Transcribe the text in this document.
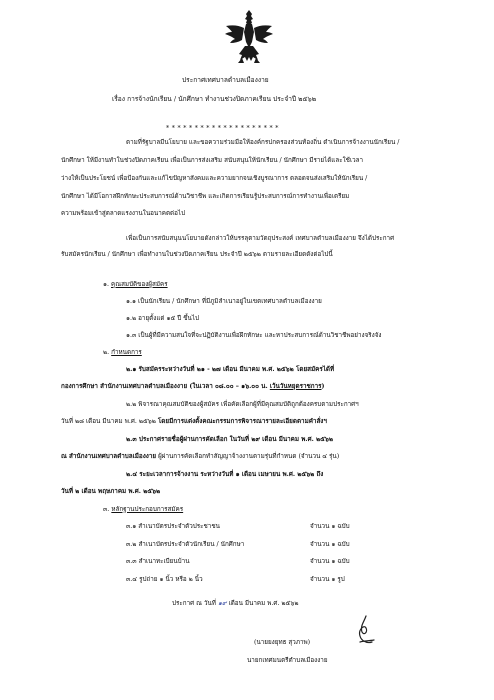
ประกาศเทศบาลตำบลเมืองงาย
เรื่อง การจ้างนักเรียน / นักศึกษา ทำงานช่วงปิดภาคเรียน ประจำปี ๒๕๖๒
* * * * * * * * * * * * * * * * * * * *
ตามที่รัฐบาลมีนโยบาย และขอความร่วมมือให้องค์กรปกครองส่วนท้องถิ่น ดำเนินการจ้างงานนักเรียน /
นักศึกษา ให้มีงานทำในช่วงปิดภาคเรียน เพื่อเป็นการส่งเสริม สนับสนุนให้นักเรียน / นักศึกษา มีรายได้และใช้เวลา
ว่างให้เป็นประโยชน์ เพื่อป้องกันและแก้ไขปัญหาสังคมและความยากจนเชิงบูรณาการ ตลอดจนส่งเสริมให้นักเรียน /
นักศึกษา ได้มีโอกาสฝึกทักษะประสบการณ์ด้านวิชาชีพ และเกิดการเรียนรู้ประสบการณ์การทำงานเพื่อเตรียม
ความพร้อมเข้าสู่ตลาดแรงงานในอนาคตต่อไป
เพื่อเป็นการสนับสนุนนโยบายดังกล่าวให้บรรลุตามวัตถุประสงค์ เทศบาลตำบลเมืองงาย จึงได้ประกาศ
รับสมัครนักเรียน / นักศึกษา เพื่อทำงานในช่วงปิดภาคเรียน ประจำปี ๒๕๖๒ ตามรายละเอียดดังต่อไปนี้
๑. คุณสมบัติของผู้สมัคร
๑.๑ เป็นนักเรียน / นักศึกษา ที่มีภูมิลำเนาอยู่ในเขตเทศบาลตำบลเมืองงาย
๑.๒ อายุตั้งแต่ ๑๕ ปี ขึ้นไป
๑.๓ เป็นผู้ที่มีความสนใจที่จะปฏิบัติงานเพื่อฝึกทักษะ และหาประสบการณ์ด้านวิชาชีพอย่างจริงจัง
๒. กำหนดการ
๒.๑ รับสมัครระหว่างวันที่ ๒๑ - ๒๗ เดือน มีนาคม พ.ศ. ๒๕๖๒ โดยสมัครได้ที่
กองการศึกษา สำนักงานเทศบาลตำบลเมืองงาย (ในเวลา ๐๘.๐๐ – ๑๖.๐๐ น. เว้นวันหยุดราชการ)
๒.๒ พิจารณาคุณสมบัติของผู้สมัคร เพื่อคัดเลือกผู้ที่มีคุณสมบัติถูกต้องครบตามประกาศฯ
วันที่ ๒๘ เดือน มีนาคม พ.ศ. ๒๕๖๒ โดยมีการแต่งตั้งคณะกรรมการพิจารณารายละเอียดตามคำสั่งฯ
๒.๓ ประกาศรายชื่อผู้ผ่านการคัดเลือก ในวันที่ ๒๙ เดือน มีนาคม พ.ศ. ๒๕๖๒
ณ สำนักงานเทศบาลตำบลเมืองงาย ผู้ผ่านการคัดเลือกทำสัญญาจ้างงานตามรุ่นที่กำหนด (จำนวน ๔ รุ่น)
๒.๔ ระยะเวลาการจ้างงาน ระหว่างวันที่ ๑ เดือน เมษายน พ.ศ. ๒๕๖๒ ถึง
วันที่ ๒ เดือน พฤษภาคม พ.ศ. ๒๕๖๒
๓. หลักฐานประกอบการสมัคร
๓.๑ สำเนาบัตรประจำตัวประชาชน	จำนวน ๑ ฉบับ
๓.๒ สำเนาบัตรประจำตัวนักเรียน / นักศึกษา	จำนวน ๑ ฉบับ
๓.๓ สำเนาทะเบียนบ้าน	จำนวน ๑ ฉบับ
๓.๔ รูปถ่าย ๑ นิ้ว หรือ ๒ นิ้ว	จำนวน ๑ รูป
ประกาศ ณ วันที่ ๑๙ เดือน มีนาคม พ.ศ. ๒๕๖๒
(นายยงยุทธ สุวภาพ)
นายกเทศมนตรีตำบลเมืองงาย
